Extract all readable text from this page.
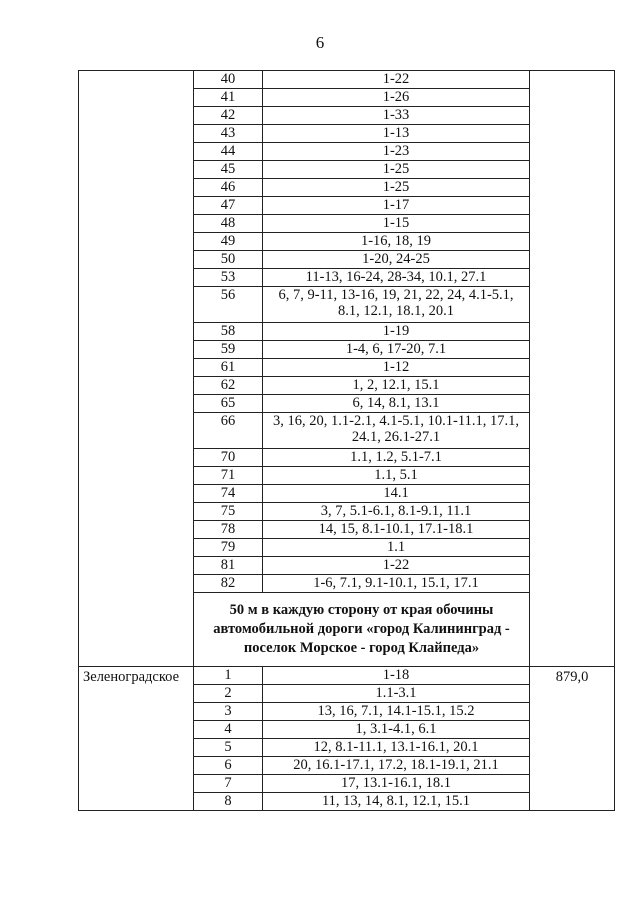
6
	40	1-22	
	41	1-26	
	42	1-33	
	43	1-13	
	44	1-23	
	45	1-25	
	46	1-25	
	47	1-17	
	48	1-15	
	49	1-16, 18, 19	
	50	1-20, 24-25	
	53	11-13, 16-24, 28-34, 10.1, 27.1	
	56	6, 7, 9-11, 13-16, 19, 21, 22, 24, 4.1-5.1, 8.1, 12.1, 18.1, 20.1	
	58	1-19	
	59	1-4, 6, 17-20, 7.1	
	61	1-12	
	62	1, 2, 12.1, 15.1	
	65	6, 14, 8.1, 13.1	
	66	3, 16, 20, 1.1-2.1, 4.1-5.1, 10.1-11.1, 17.1, 24.1, 26.1-27.1	
	70	1.1, 1.2, 5.1-7.1	
	71	1.1, 5.1	
	74	14.1	
	75	3, 7, 5.1-6.1, 8.1-9.1, 11.1	
	78	14, 15, 8.1-10.1, 17.1-18.1	
	79	1.1	
	81	1-22	
	82	1-6, 7.1, 9.1-10.1, 15.1, 17.1	
	50 м в каждую сторону от края обочины автомобильной дороги «город Калининград - поселок Морское - город Клайпеда»		
Зеленоградское	1	1-18	879,0
	2	1.1-3.1	
	3	13, 16, 7.1, 14.1-15.1, 15.2	
	4	1, 3.1-4.1, 6.1	
	5	12, 8.1-11.1, 13.1-16.1, 20.1	
	6	20, 16.1-17.1, 17.2, 18.1-19.1, 21.1	
	7	17, 13.1-16.1, 18.1	
	8	11, 13, 14, 8.1, 12.1, 15.1	
